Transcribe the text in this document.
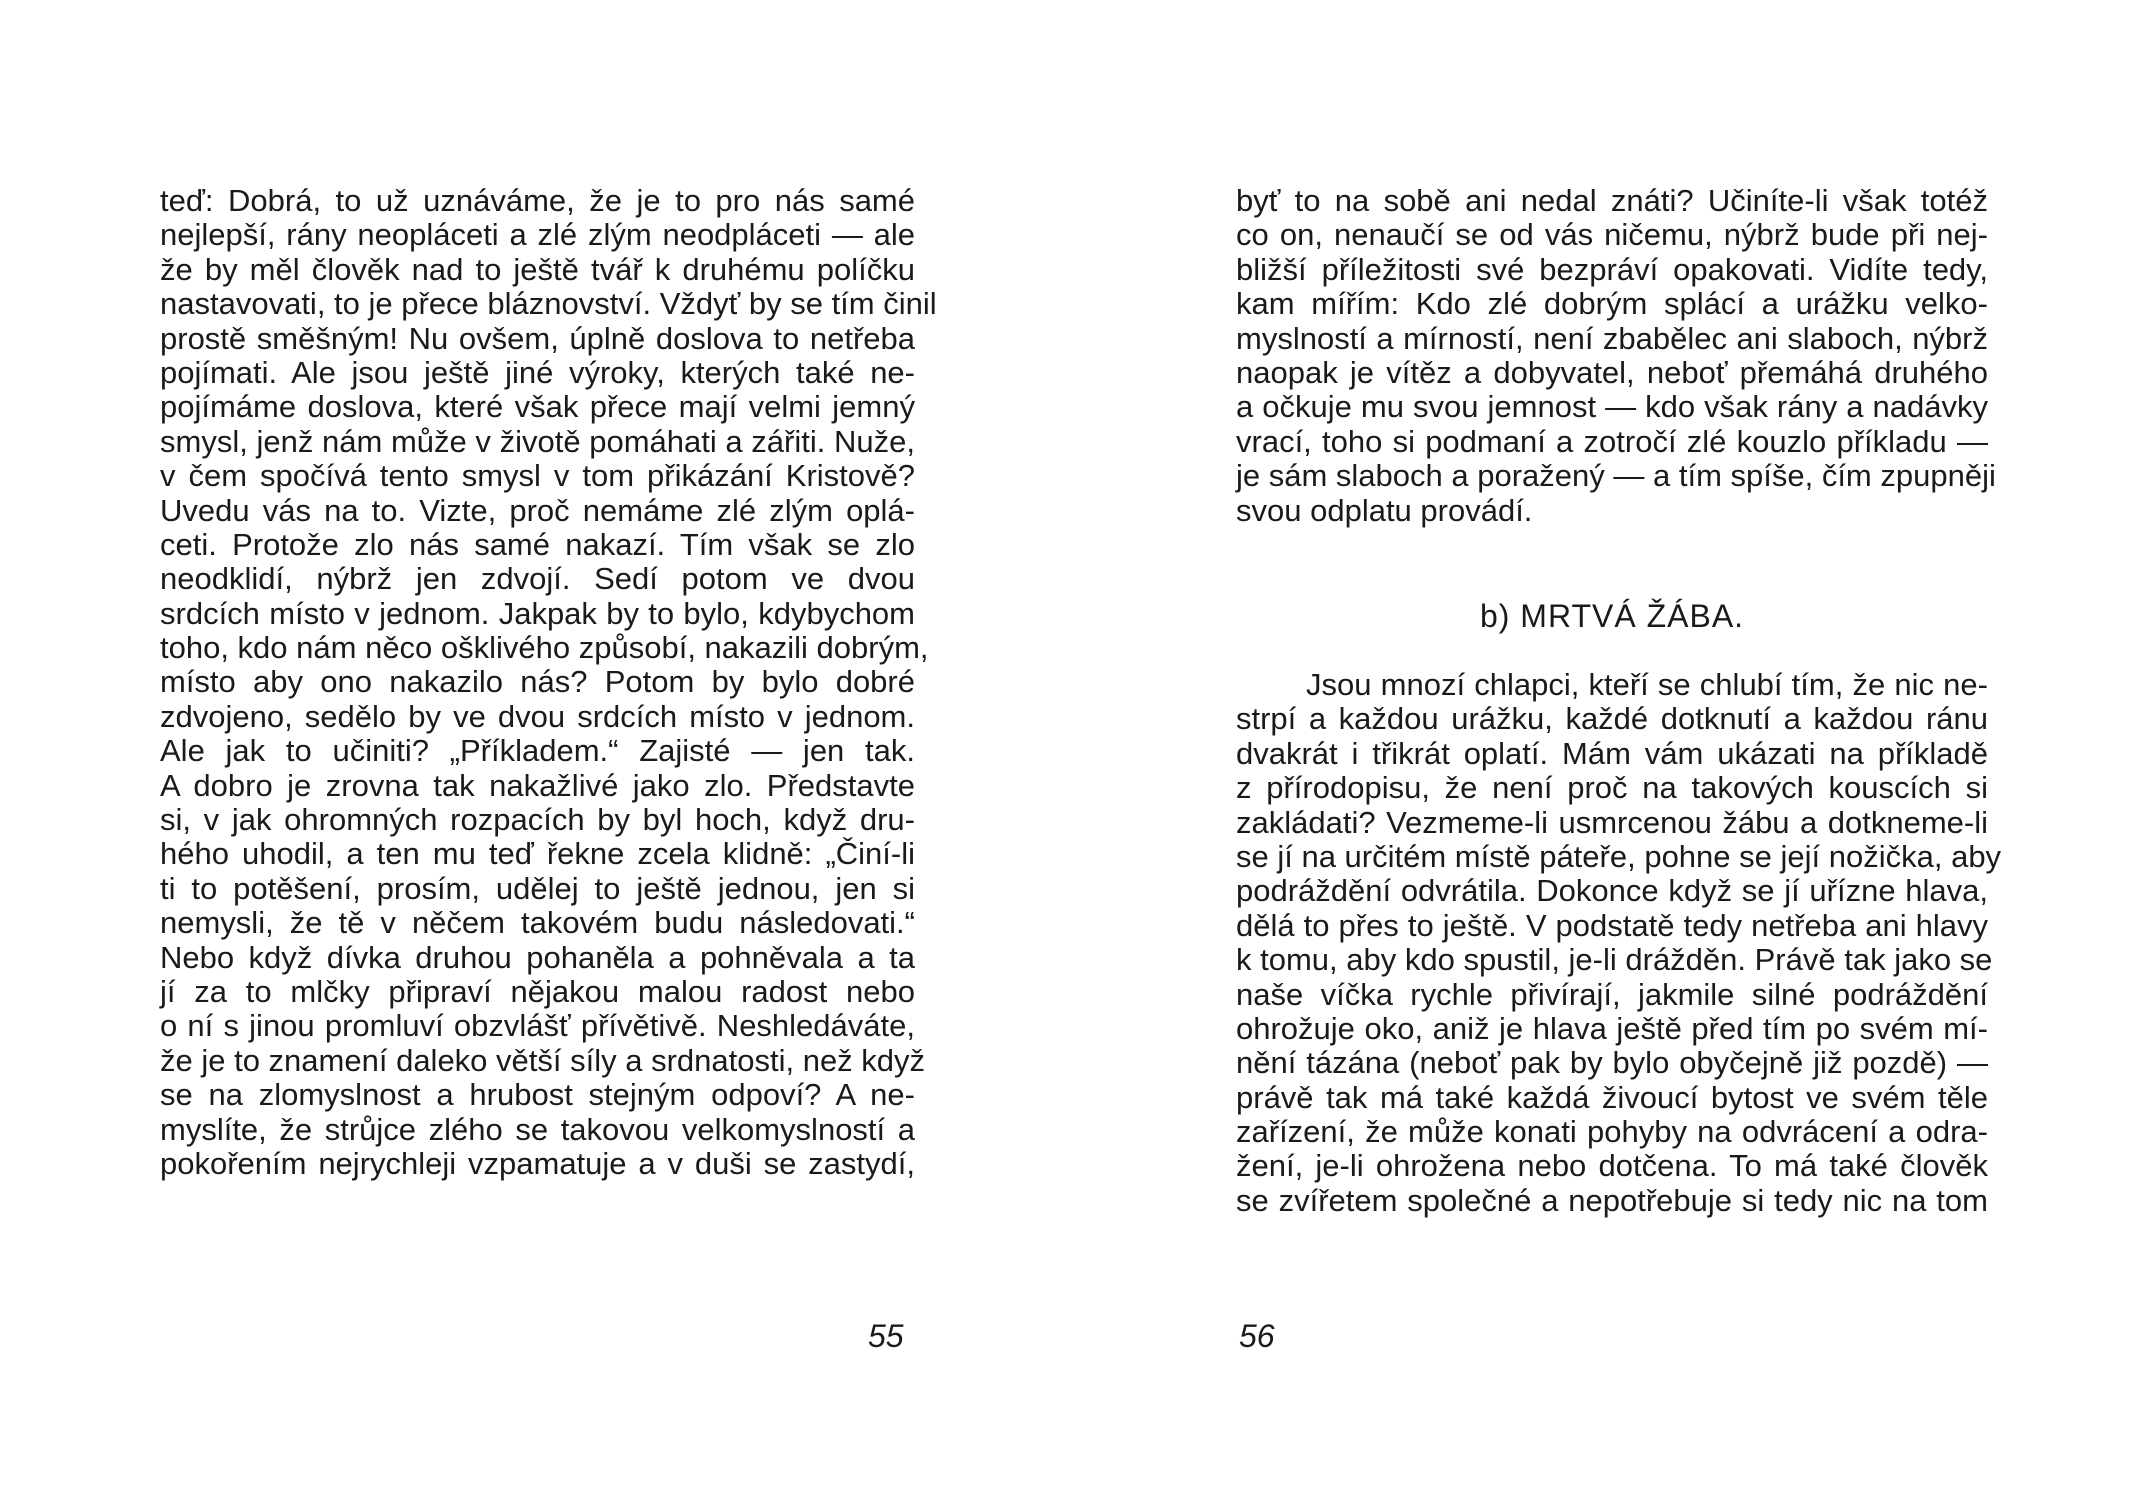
teď: Dobrá, to už uznáváme, že je to pro nás samé
nejlepší, rány neopláceti a zlé zlým neodpláceti — ale
že by měl člověk nad to ještě tvář k druhému políčku
nastavovati, to je přece bláznovství. Vždyť by se tím činil
prostě směšným! Nu ovšem, úplně doslova to netřeba
pojímati. Ale jsou ještě jiné výroky, kterých také ne-
pojímáme doslova, které však přece mají velmi jemný
smysl, jenž nám může v životě pomáhati a zářiti. Nuže,
v čem spočívá tento smysl v tom přikázání Kristově?
Uvedu vás na to. Vizte, proč nemáme zlé zlým oplá-
ceti. Protože zlo nás samé nakazí. Tím však se zlo
neodklidí, nýbrž jen zdvojí. Sedí potom ve dvou
srdcích místo v jednom. Jakpak by to bylo, kdybychom
toho, kdo nám něco ošklivého způsobí, nakazili dobrým,
místo aby ono nakazilo nás? Potom by bylo dobré
zdvojeno, sedělo by ve dvou srdcích místo v jednom.
Ale jak to učiniti? „Příkladem.“ Zajisté — jen tak.
A dobro je zrovna tak nakažlivé jako zlo. Představte
si, v jak ohromných rozpacích by byl hoch, když dru-
hého uhodil, a ten mu teď řekne zcela klidně: „Činí-li
ti to potěšení, prosím, udělej to ještě jednou, jen si
nemysli, že tě v něčem takovém budu následovati.“
Nebo když dívka druhou pohaněla a pohněvala a ta
jí za to mlčky připraví nějakou malou radost nebo
o ní s jinou promluví obzvlášť přívětivě. Neshledáváte,
že je to znamení daleko větší síly a srdnatosti, než když
se na zlomyslnost a hrubost stejným odpoví? A ne-
myslíte, že strůjce zlého se takovou velkomyslností a
pokořením nejrychleji vzpamatuje a v duši se zastydí,
55
byť to na sobě ani nedal znáti? Učiníte-li však totéž
co on, nenaučí se od vás ničemu, nýbrž bude při nej-
bližší příležitosti své bezpráví opakovati. Vidíte tedy,
kam mířím: Kdo zlé dobrým splácí a urážku velko-
myslností a mírností, není zbabělec ani slaboch, nýbrž
naopak je vítěz a dobyvatel, neboť přemáhá druhého
a očkuje mu svou jemnost — kdo však rány a nadávky
vrací, toho si podmaní a zotročí zlé kouzlo příkladu —
je sám slaboch a poražený — a tím spíše, čím zpupněji
svou odplatu provádí.
b) MRTVÁ ŽÁBA.
Jsou mnozí chlapci, kteří se chlubí tím, že nic ne-
strpí a každou urážku, každé dotknutí a každou ránu
dvakrát i třikrát oplatí. Mám vám ukázati na příkladě
z přírodopisu, že není proč na takových kouscích si
zakládati? Vezmeme-li usmrcenou žábu a dotkneme-li
se jí na určitém místě páteře, pohne se její nožička, aby
podráždění odvrátila. Dokonce když se jí uřízne hlava,
dělá to přes to ještě. V podstatě tedy netřeba ani hlavy
k tomu, aby kdo spustil, je-li drážděn. Právě tak jako se
naše víčka rychle přivírají, jakmile silné podráždění
ohrožuje oko, aniž je hlava ještě před tím po svém mí-
nění tázána (neboť pak by bylo obyčejně již pozdě) —
právě tak má také každá živoucí bytost ve svém těle
zařízení, že může konati pohyby na odvrácení a odra-
žení, je-li ohrožena nebo dotčena. To má také člověk
se zvířetem společné a nepotřebuje si tedy nic na tom
56
